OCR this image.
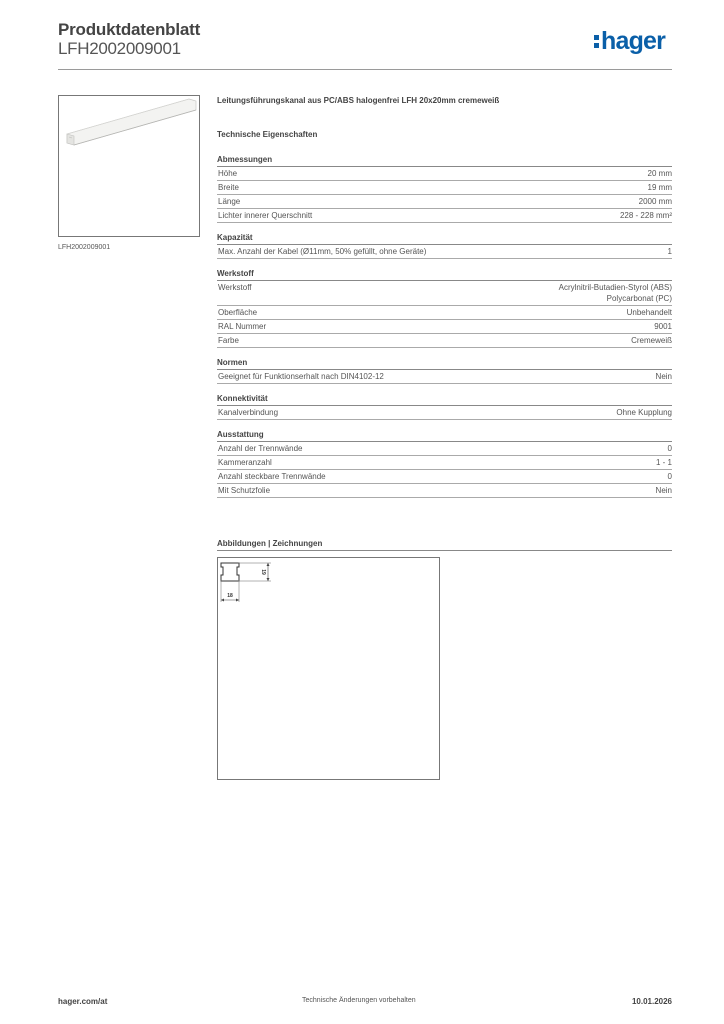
Produktdatenblatt
LFH2002009001	hager
LFH2002009001
Leitungsführungskanal aus PC/ABS halogenfrei LFH 20x20mm cremeweiß
Technische Eigenschaften
Abmessungen
Höhe	20 mm
Breite	19 mm
Länge	2000 mm
Lichter innerer Querschnitt	228 - 228 mm²
Kapazität
Max. Anzahl der Kabel (Ø11mm, 50% gefüllt, ohne Geräte)	1
Werkstoff
Werkstoff	Acrylnitril-Butadien-Styrol (ABS)
Polycarbonat (PC)
Oberfläche	Unbehandelt
RAL Nummer	9001
Farbe	Cremeweiß
Normen
Geeignet für Funktionserhalt nach DIN4102-12	Nein
Konnektivität
Kanalverbindung	Ohne Kupplung
Ausstattung
Anzahl der Trennwände	0
Kammeranzahl	1 - 1
Anzahl steckbare Trennwände	0
Mit Schutzfolie	Nein
Abbildungen | Zeichnungen
19
18
hager.com/at	Technische Änderungen vorbehalten	10.01.2026
